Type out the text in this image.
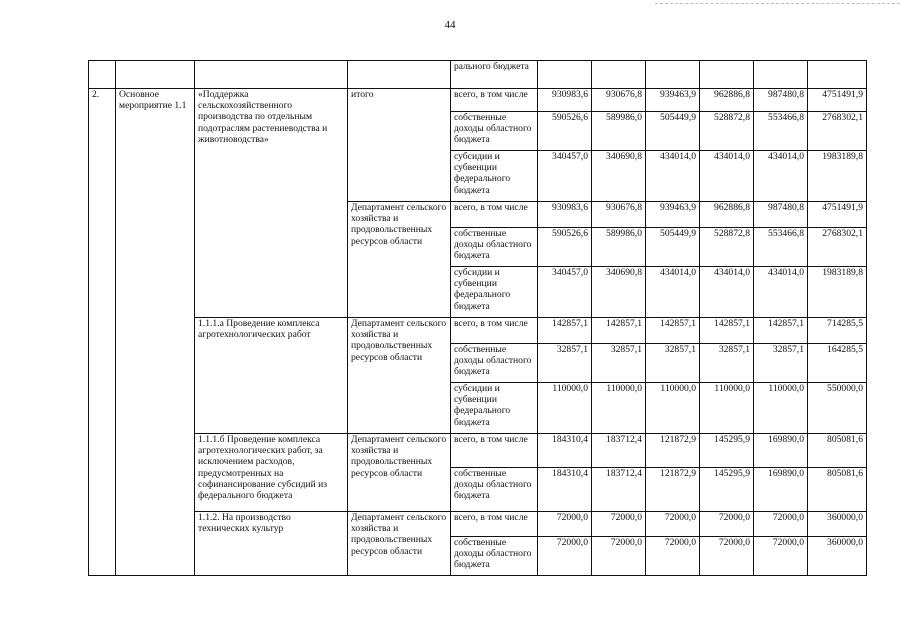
44
				рального бюджета						
2.	Основное мероприятие 1.1	«Поддержка сельскохозяйственного производства по отдельным подотраслям растениеводства и животноводства»	итого	всего, в том числе	930983,6	930676,8	939463,9	962886,8	987480,8	4751491,9
				собственные доходы областного бюджета	590526,6	589986,0	505449,9	528872,8	553466,8	2768302,1
				субсидии и субвенции федерального бюджета	340457,0	340690,8	434014,0	434014,0	434014,0	1983189,8
			Департамент сельского хозяйства и продовольственных ресурсов области	всего, в том числе	930983,6	930676,8	939463,9	962886,8	987480,8	4751491,9
				собственные доходы областного бюджета	590526,6	589986,0	505449,9	528872,8	553466,8	2768302,1
				субсидии и субвенции федерального бюджета	340457,0	340690,8	434014,0	434014,0	434014,0	1983189,8
		1.1.1.а Проведение комплекса агротехнологических работ	Департамент сельского хозяйства и продовольственных ресурсов области	всего, в том числе	142857,1	142857,1	142857,1	142857,1	142857,1	714285,5
				собственные доходы областного бюджета	32857,1	32857,1	32857,1	32857,1	32857,1	164285,5
				субсидии и субвенции федерального бюджета	110000,0	110000,0	110000,0	110000,0	110000,0	550000,0
		1.1.1.б Проведение комплекса агротехнологических работ, за исключением расходов, предусмотренных на софинансирование субсидий из федерального бюджета	Департамент сельского хозяйства и продовольственных ресурсов области	всего, в том числе	184310,4	183712,4	121872,9	145295,9	169890,0	805081,6
				собственные доходы областного бюджета	184310,4	183712,4	121872,9	145295,9	169890,0	805081,6
		1.1.2. На производство технических культур	Департамент сельского хозяйства и продовольственных ресурсов области	всего, в том числе	72000,0	72000,0	72000,0	72000,0	72000,0	360000,0
				собственные доходы областного бюджета	72000,0	72000,0	72000,0	72000,0	72000,0	360000,0
